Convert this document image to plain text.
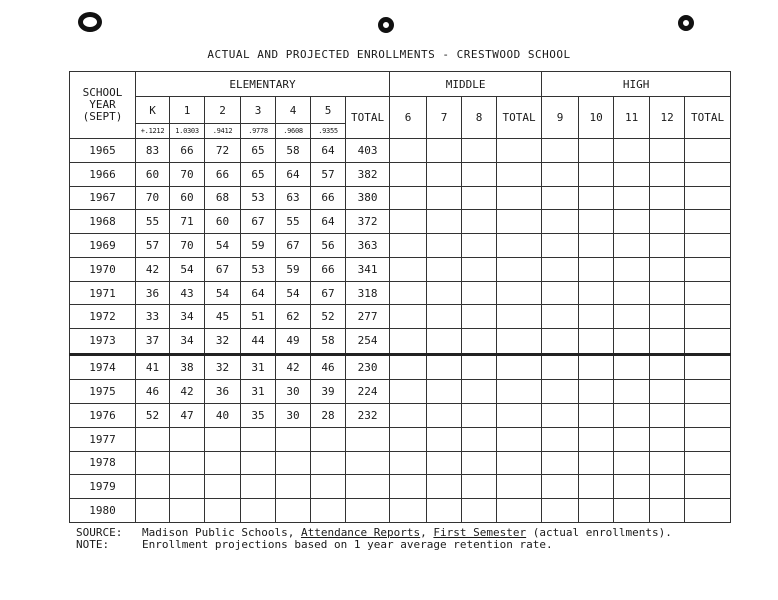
ACTUAL AND PROJECTED ENROLLMENTS - CRESTWOOD SCHOOL
SCHOOL
YEAR
(SEPT)	ELEMENTARY							MIDDLE				HIGH				
	K	1	2	3	4	5	TOTAL	6	7	8	TOTAL	9	10	11	12	TOTAL
	+.1212	1.0303	.9412	.9778	.9608	.9355										
1965	83	66	72	65	58	64	403									
1966	60	70	66	65	64	57	382									
1967	70	60	68	53	63	66	380									
1968	55	71	60	67	55	64	372									
1969	57	70	54	59	67	56	363									
1970	42	54	67	53	59	66	341									
1971	36	43	54	64	54	67	318									
1972	33	34	45	51	62	52	277									
1973	37	34	32	44	49	58	254									
1974	41	38	32	31	42	46	230									
1975	46	42	36	31	30	39	224									
1976	52	47	40	35	30	28	232									
1977																
1978																
1979																
1980																
SOURCE:	Madison Public Schools, Attendance Reports , First Semester (actual enrollments).
NOTE:	Enrollment projections based on 1 year average retention rate.
